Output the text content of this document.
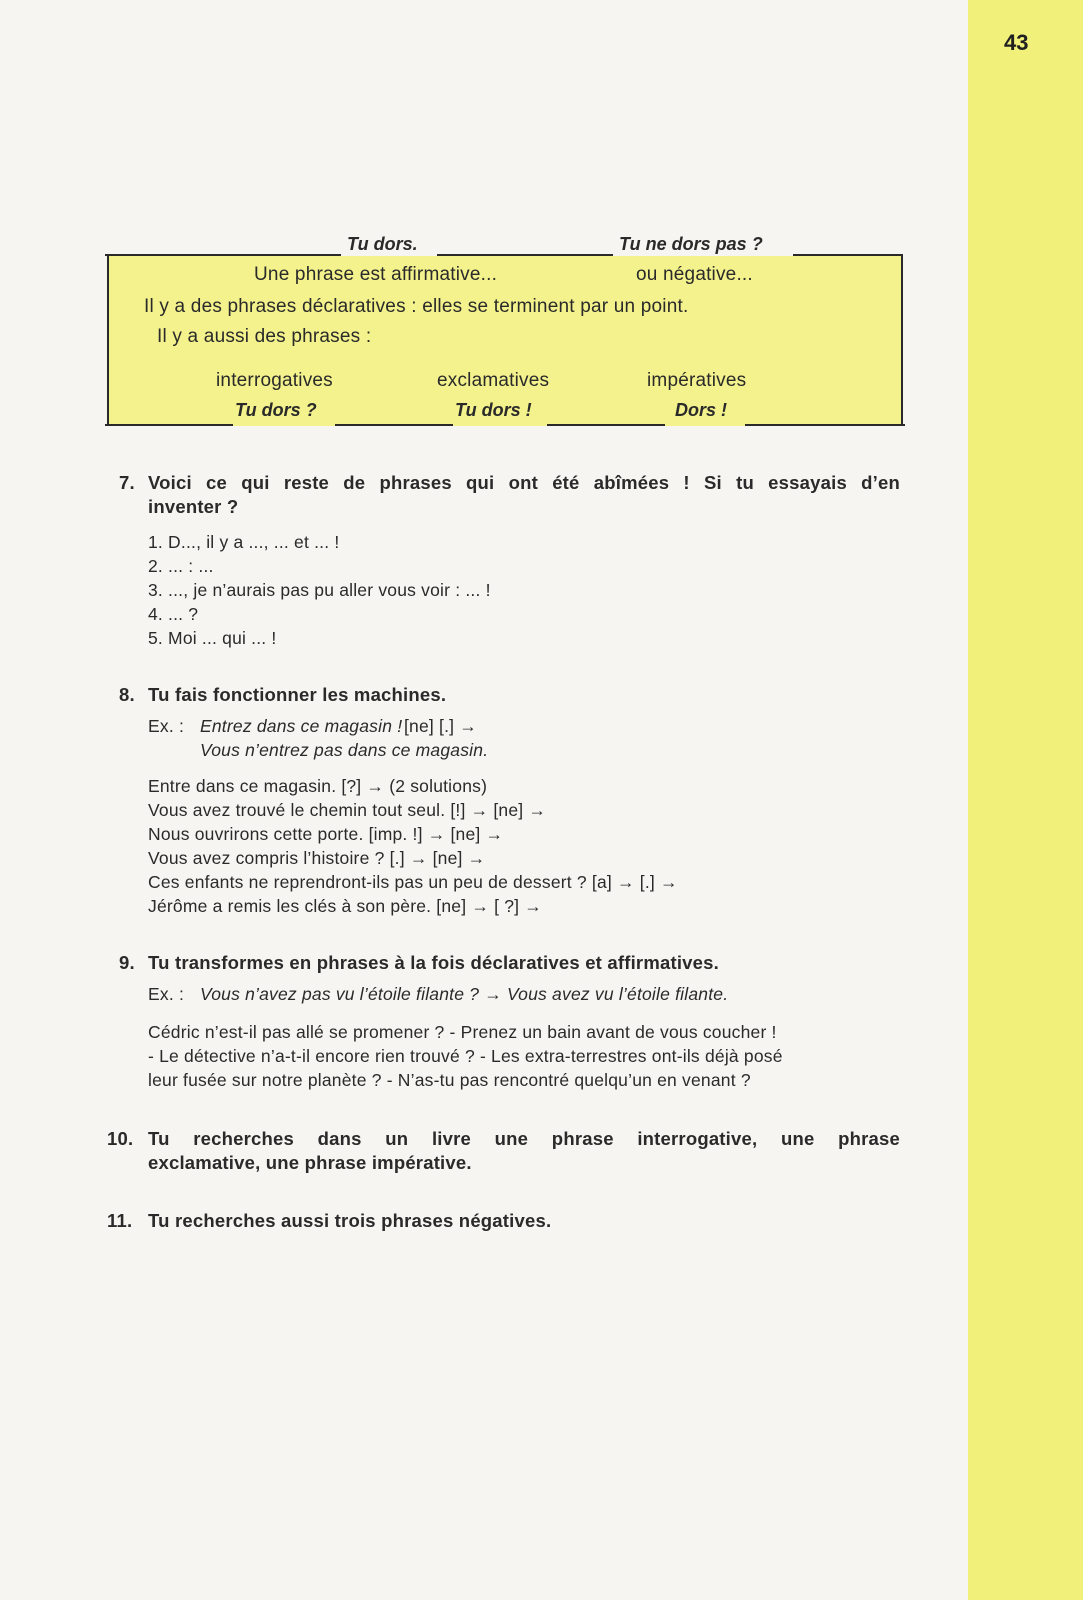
43
Tu dors.	Tu ne dors pas ?
Une phrase est affirmative...	ou négative...
Il y a des phrases déclaratives : elles se terminent par un point.
Il y a aussi des phrases :
interrogatives	exclamatives	impératives
Tu dors ?	Tu dors !	Dors !
7. Voici ce qui reste de phrases qui ont été abîmées ! Si tu essayais d’en
inventer ?
1. D..., il y a ..., ... et ... !
2. ... : ...
3. ..., je n’aurais pas pu aller vous voir : ... !
4. ... ?
5. Moi ... qui ... !
8. Tu fais fonctionner les machines.
Ex. : Entrez dans ce magasin ! [ne] [.] →
Vous n’entrez pas dans ce magasin.
Entre dans ce magasin. [?] → (2 solutions)
Vous avez trouvé le chemin tout seul. [!] → [ne] →
Nous ouvrirons cette porte. [imp. !] → [ne] →
Vous avez compris l’histoire ? [.] → [ne] →
Ces enfants ne reprendront-ils pas un peu de dessert ? [a] → [.] →
Jérôme a remis les clés à son père. [ne] → [ ?] →
9. Tu transformes en phrases à la fois déclaratives et affirmatives.
Ex. : Vous n’avez pas vu l’étoile filante ? → Vous avez vu l’étoile filante.
Cédric n’est-il pas allé se promener ? - Prenez un bain avant de vous coucher !
- Le détective n’a-t-il encore rien trouvé ? - Les extra-terrestres ont-ils déjà posé
leur fusée sur notre planète ? - N’as-tu pas rencontré quelqu’un en venant ?
10. Tu recherches dans un livre une phrase interrogative, une phrase
exclamative, une phrase impérative.
11. Tu recherches aussi trois phrases négatives.
